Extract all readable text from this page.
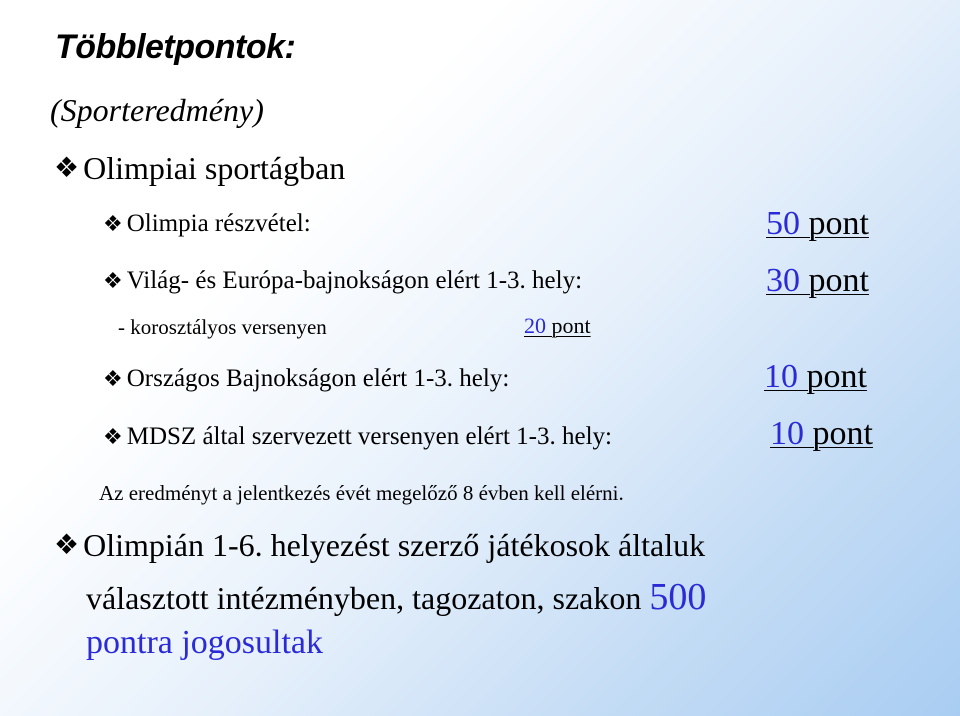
Többletpontok:
(Sporteredmény)
❖ Olimpiai sportágban
❖ Olimpia részvétel:	50 pont
❖ Világ- és Európa-bajnokságon elért 1-3. hely:	30 pont
- korosztályos versenyen	20 pont
❖ Országos Bajnokságon elért 1-3. hely:	10 pont
❖ MDSZ által szervezett versenyen elért 1-3. hely:	10 pont
Az eredményt a jelentkezés évét megelőző 8 évben kell elérni.
❖ Olimpián 1-6. helyezést szerző játékosok általuk
választott intézményben, tagozaton, szakon 500
pontra jogosultak
